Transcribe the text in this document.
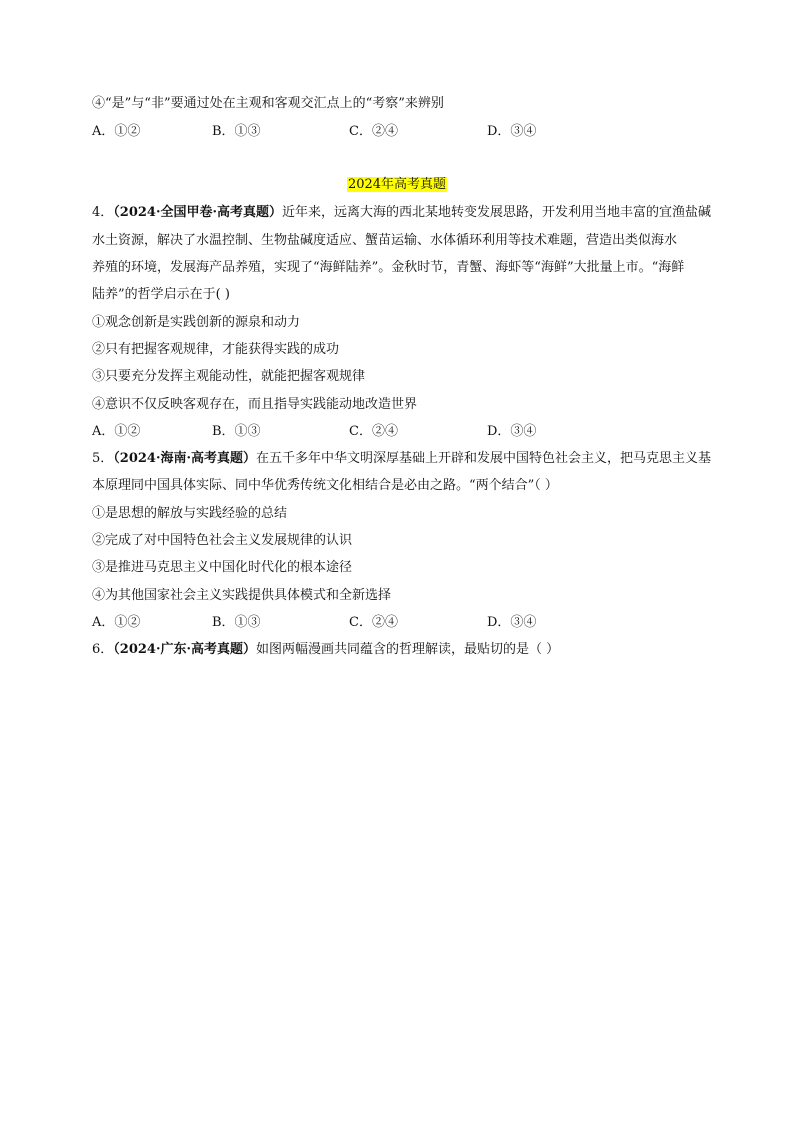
④“是”与“非”要通过处在主观和客观交汇点上的“考察”来辨别
A．①②	B．①③	C．②④	D．③④
2024年高考真题
4．（2024·全国甲卷·高考真题）近年来，远离大海的西北某地转变发展思路，开发利用当地丰富的宜渔盐碱
水土资源，解决了水温控制、生物盐碱度适应、蟹苗运输、水体循环利用等技术难题，营造出类似海水
养殖的环境，发展海产品养殖，实现了“海鲜陆养”。金秋时节，青蟹、海虾等“海鲜”大批量上市。“海鲜
陆养”的哲学启示在于( )
①观念创新是实践创新的源泉和动力
②只有把握客观规律，才能获得实践的成功
③只要充分发挥主观能动性，就能把握客观规律
④意识不仅反映客观存在，而且指导实践能动地改造世界
A．①②	B．①③	C．②④	D．③④
5．（2024·海南·高考真题）在五千多年中华文明深厚基础上开辟和发展中国特色社会主义，把马克思主义基
本原理同中国具体实际、同中华优秀传统文化相结合是必由之路。“两个结合”（ ）
①是思想的解放与实践经验的总结
②完成了对中国特色社会主义发展规律的认识
③是推进马克思主义中国化时代化的根本途径
④为其他国家社会主义实践提供具体模式和全新选择
A．①②	B．①③	C．②④	D．③④
6．（2024·广东·高考真题）如图两幅漫画共同蕴含的哲理解读，最贴切的是（ ）
